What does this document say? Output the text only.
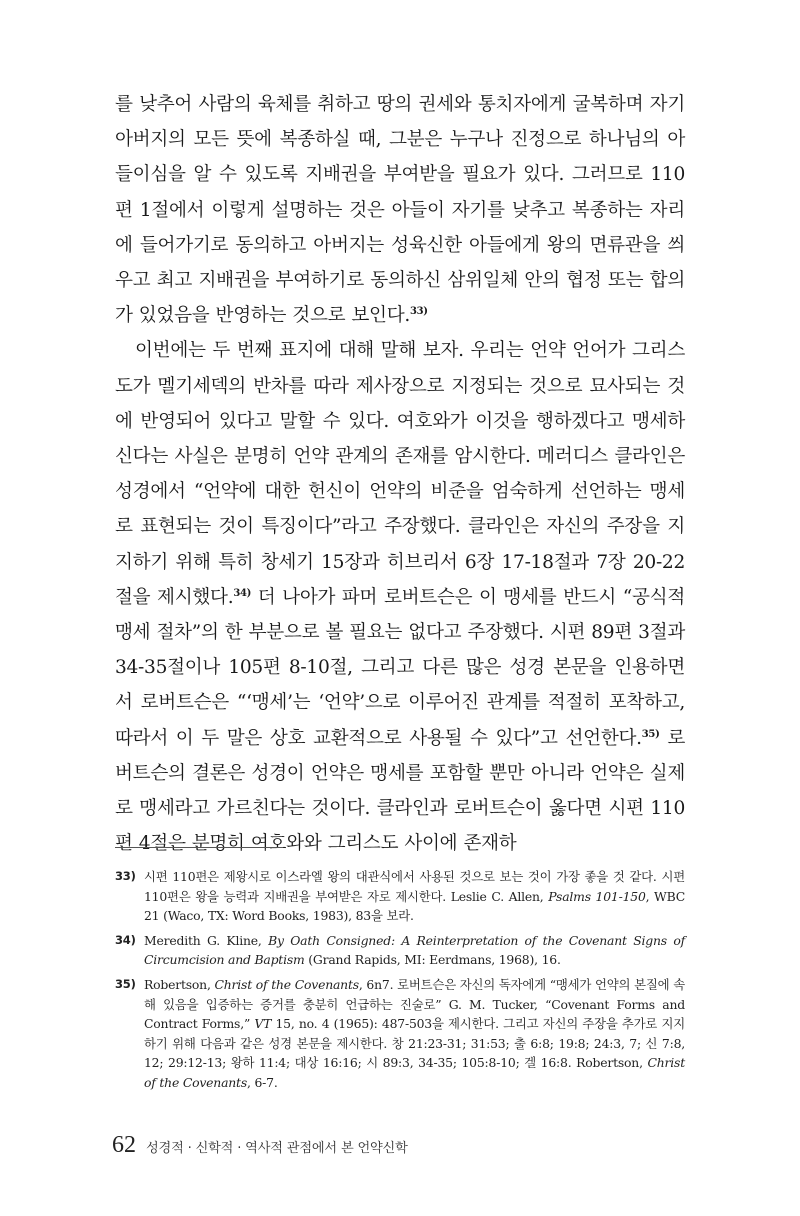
를 낮추어 사람의 육체를 취하고 땅의 권세와 통치자에게 굴복하며 자기 아버지의 모든 뜻에 복종하실 때, 그분은 누구나 진정으로 하나님의 아들이심을 알 수 있도록 지배권을 부여받을 필요가 있다. 그러므로 110편 1절에서 이렇게 설명하는 것은 아들이 자기를 낮추고 복종하는 자리에 들어가기로 동의하고 아버지는 성육신한 아들에게 왕의 면류관을 씌우고 최고 지배권을 부여하기로 동의하신 삼위일체 안의 협정 또는 합의가 있었음을 반영하는 것으로 보인다.$^{33)}$

이번에는 두 번째 표지에 대해 말해 보자. 우리는 언약 언어가 그리스도가 멜기세덱의 반차를 따라 제사장으로 지정되는 것으로 묘사되는 것에 반영되어 있다고 말할 수 있다. 여호와가 이것을 행하겠다고 맹세하신다는 사실은 분명히 언약 관계의 존재를 암시한다. 메러디스 클라인은 성경에서 “언약에 대한 헌신이 언약의 비준을 엄숙하게 선언하는 맹세로 표현되는 것이 특징이다”라고 주장했다. 클라인은 자신의 주장을 지지하기 위해 특히 창세기 15장과 히브리서 6장 17-18절과 7장 20-22절을 제시했다.$^{34)}$ 더 나아가 파머 로버트슨은 이 맹세를 반드시 “공식적 맹세 절차”의 한 부분으로 볼 필요는 없다고 주장했다. 시편 89편 3절과 34-35절이나 105편 8-10절, 그리고 다른 많은 성경 본문을 인용하면서 로버트슨은 “‘맹세’는 ‘언약’으로 이루어진 관계를 적절히 포착하고, 따라서 이 두 말은 상호 교환적으로 사용될 수 있다”고 선언한다.$^{35)}$ 로버트슨의 결론은 성경이 언약은 맹세를 포함할 뿐만 아니라 언약은 실제로 맹세라고 가르친다는 것이다. 클라인과 로버트슨이 옳다면 시편 110편 4절은 분명히 여호와와 그리스도 사이에 존재하

33) 시편 110편은 제왕시로 이스라엘 왕의 대관식에서 사용된 것으로 보는 것이 가장 좋을 것 같다. 시편 110편은 왕을 능력과 지배권을 부여받은 자로 제시한다. Leslie C. Allen, Psalms 101-150, WBC 21 (Waco, TX: Word Books, 1983), 83을 보라.
34) Meredith G. Kline, By Oath Consigned: A Reinterpretation of the Covenant Signs of Circumcision and Baptism (Grand Rapids, MI: Eerdmans, 1968), 16.
35) Robertson, Christ of the Covenants, 6n7. 로버트슨은 자신의 독자에게 “맹세가 언약의 본질에 속해 있음을 입증하는 증거를 충분히 언급하는 진술로” G. M. Tucker, “Covenant Forms and Contract Forms,” VT 15, no. 4 (1965): 487-503을 제시한다. 그리고 자신의 주장을 추가로 지지하기 위해 다음과 같은 성경 본문을 제시한다. 창 21:23-31; 31:53; 출 6:8; 19:8; 24:3, 7; 신 7:8, 12; 29:12-13; 왕하 11:4; 대상 16:16; 시 89:3, 34-35; 105:8-10; 겔 16:8. Robertson, Christ of the Covenants, 6-7.
62 성경적 · 신학적 · 역사적 관점에서 본 언약신학
